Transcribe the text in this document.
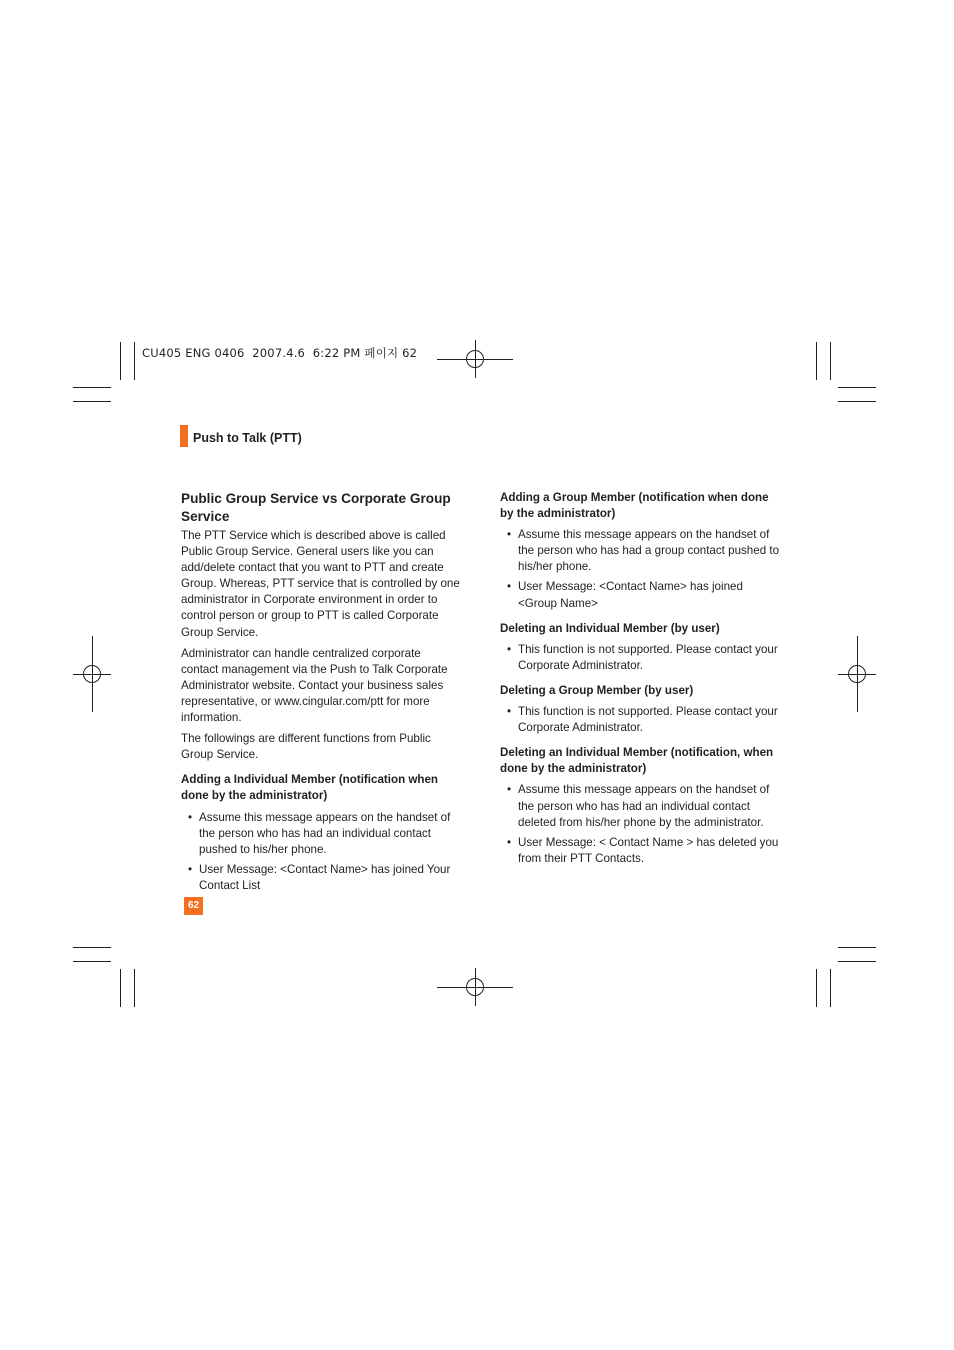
CU405 ENG 0406  2007.4.6  6:22 PM 페이지 62
Push to Talk (PTT)
Public Group Service vs Corporate Group Service

The PTT Service which is described above is called Public Group Service. General users like you can add/delete contact that you want to PTT and create Group. Whereas, PTT service that is controlled by one administrator in Corporate environment in order to control person or group to PTT is called Corporate Group Service.

Administrator can handle centralized corporate contact management via the Push to Talk Corporate Administrator website. Contact your business sales representative, or www.cingular.com/ptt for more information.

The followings are different functions from Public Group Service.

Adding a Individual Member (notification when done by the administrator)
• Assume this message appears on the handset of the person who has had an individual contact pushed to his/her phone.
• User Message: <Contact Name> has joined Your Contact List
Adding a Group Member (notification when done by the administrator)
• Assume this message appears on the handset of the person who has had a group contact pushed to his/her phone.
• User Message: <Contact Name> has joined <Group Name>
Deleting an Individual Member (by user)
• This function is not supported. Please contact your Corporate Administrator.
Deleting a Group Member (by user)
• This function is not supported. Please contact your Corporate Administrator.
Deleting an Individual Member (notification, when done by the administrator)
• Assume this message appears on the handset of the person who has had an individual contact deleted from his/her phone by the administrator.
• User Message: < Contact Name > has deleted you from their PTT Contacts.
62
